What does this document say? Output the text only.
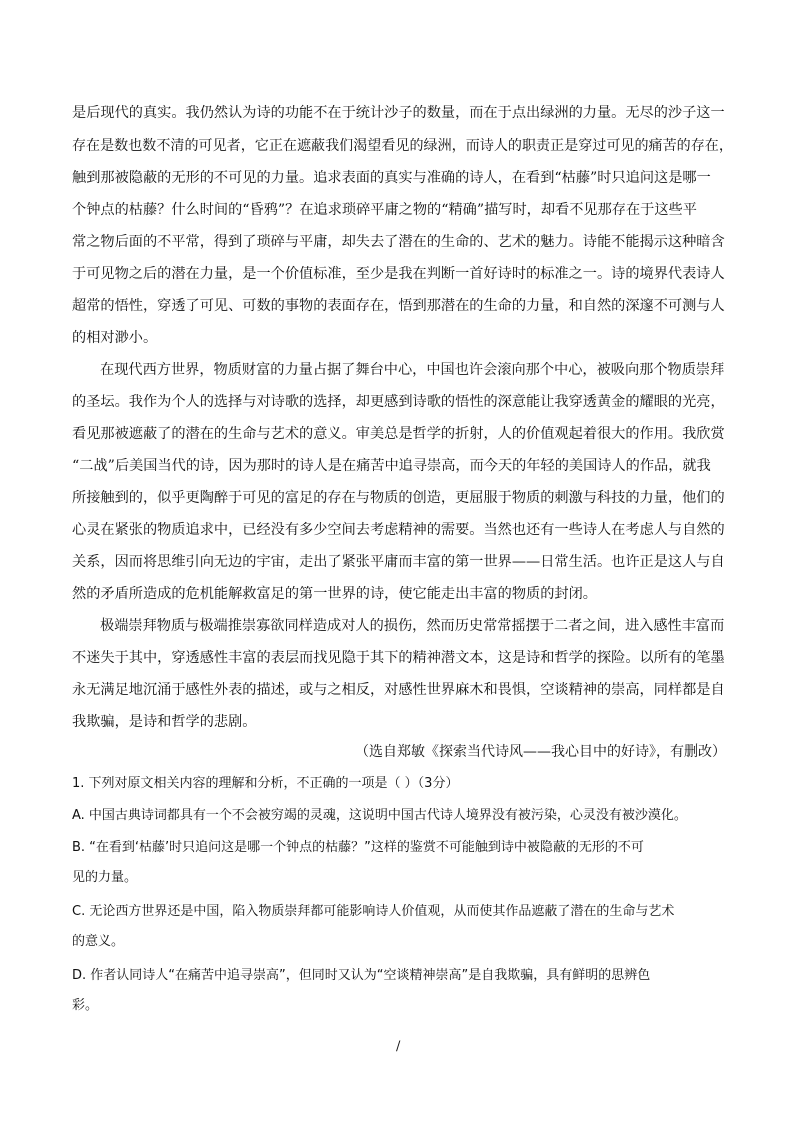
是后现代的真实。我仍然认为诗的功能不在于统计沙子的数量，而在于点出绿洲的力量。无尽的沙子这一
存在是数也数不清的可见者，它正在遮蔽我们渴望看见的绿洲，而诗人的职责正是穿过可见的痛苦的存在，
触到那被隐蔽的无形的不可见的力量。追求表面的真实与准确的诗人，在看到“枯藤”时只追问这是哪一
个钟点的枯藤？什么时间的“昏鸦”？在追求琐碎平庸之物的“精确”描写时，却看不见那存在于这些平
常之物后面的不平常，得到了琐碎与平庸，却失去了潜在的生命的、艺术的魅力。诗能不能揭示这种暗含
于可见物之后的潜在力量，是一个价值标准，至少是我在判断一首好诗时的标准之一。诗的境界代表诗人
超常的悟性，穿透了可见、可数的事物的表面存在，悟到那潜在的生命的力量，和自然的深邃不可测与人
的相对渺小。
在现代西方世界，物质财富的力量占据了舞台中心，中国也许会滚向那个中心，被吸向那个物质崇拜
的圣坛。我作为个人的选择与对诗歌的选择，却更感到诗歌的悟性的深意能让我穿透黄金的耀眼的光亮，
看见那被遮蔽了的潜在的生命与艺术的意义。审美总是哲学的折射，人的价值观起着很大的作用。我欣赏
“二战”后美国当代的诗，因为那时的诗人是在痛苦中追寻崇高，而今天的年轻的美国诗人的作品，就我
所接触到的，似乎更陶醉于可见的富足的存在与物质的创造，更屈服于物质的刺激与科技的力量，他们的
心灵在紧张的物质追求中，已经没有多少空间去考虑精神的需要。当然也还有一些诗人在考虑人与自然的
关系，因而将思维引向无边的宇宙，走出了紧张平庸而丰富的第一世界——日常生活。也许正是这人与自
然的矛盾所造成的危机能解救富足的第一世界的诗，使它能走出丰富的物质的封闭。
极端崇拜物质与极端推崇寡欲同样造成对人的损伤，然而历史常常摇摆于二者之间，进入感性丰富而
不迷失于其中，穿透感性丰富的表层而找见隐于其下的精神潜文本，这是诗和哲学的探险。以所有的笔墨
永无满足地沉涌于感性外表的描述，或与之相反，对感性世界麻木和畏惧，空谈精神的崇高，同样都是自
我欺骗，是诗和哲学的悲剧。
（选自郑敏《探索当代诗风——我心目中的好诗》，有删改）
1. 下列对原文相关内容的理解和分析，不正确的一项是（ ）（3分）
A. 中国古典诗词都具有一个不会被穷竭的灵魂，这说明中国古代诗人境界没有被污染，心灵没有被沙漠化。
B. “在看到‘枯藤’时只追问这是哪一个钟点的枯藤？”这样的鉴赏不可能触到诗中被隐蔽的无形的不可
见的力量。
C. 无论西方世界还是中国，陷入物质崇拜都可能影响诗人价值观，从而使其作品遮蔽了潜在的生命与艺术
的意义。
D. 作者认同诗人“在痛苦中追寻崇高”，但同时又认为“空谈精神崇高”是自我欺骗，具有鲜明的思辨色
彩。
/
